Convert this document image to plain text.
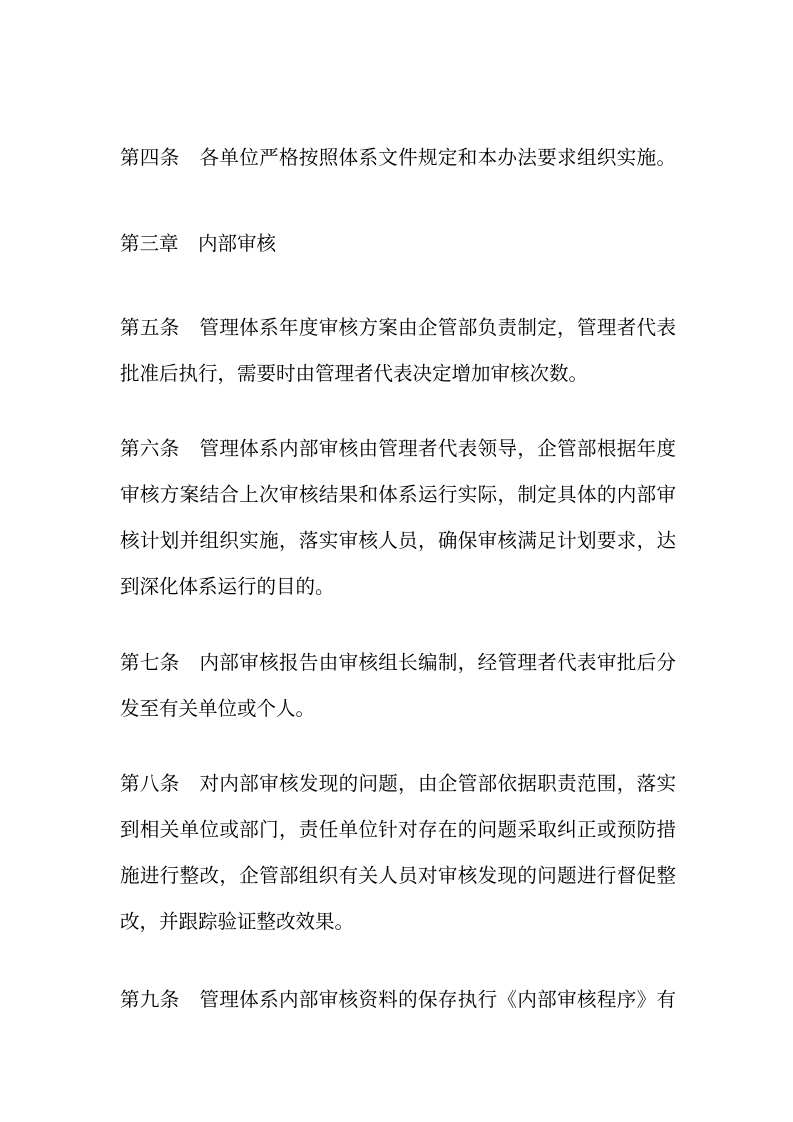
第四条　各单位严格按照体系文件规定和本办法要求组织实施。
第三章　内部审核
第五条　管理体系年度审核方案由企管部负责制定，管理者代表
批准后执行，需要时由管理者代表决定增加审核次数。
第六条　管理体系内部审核由管理者代表领导，企管部根据年度
审核方案结合上次审核结果和体系运行实际，制定具体的内部审
核计划并组织实施，落实审核人员，确保审核满足计划要求，达
到深化体系运行的目的。
第七条　内部审核报告由审核组长编制，经管理者代表审批后分
发至有关单位或个人。
第八条　对内部审核发现的问题，由企管部依据职责范围，落实
到相关单位或部门，责任单位针对存在的问题采取纠正或预防措
施进行整改，企管部组织有关人员对审核发现的问题进行督促整
改，并跟踪验证整改效果。
第九条　管理体系内部审核资料的保存执行《内部审核程序》有
